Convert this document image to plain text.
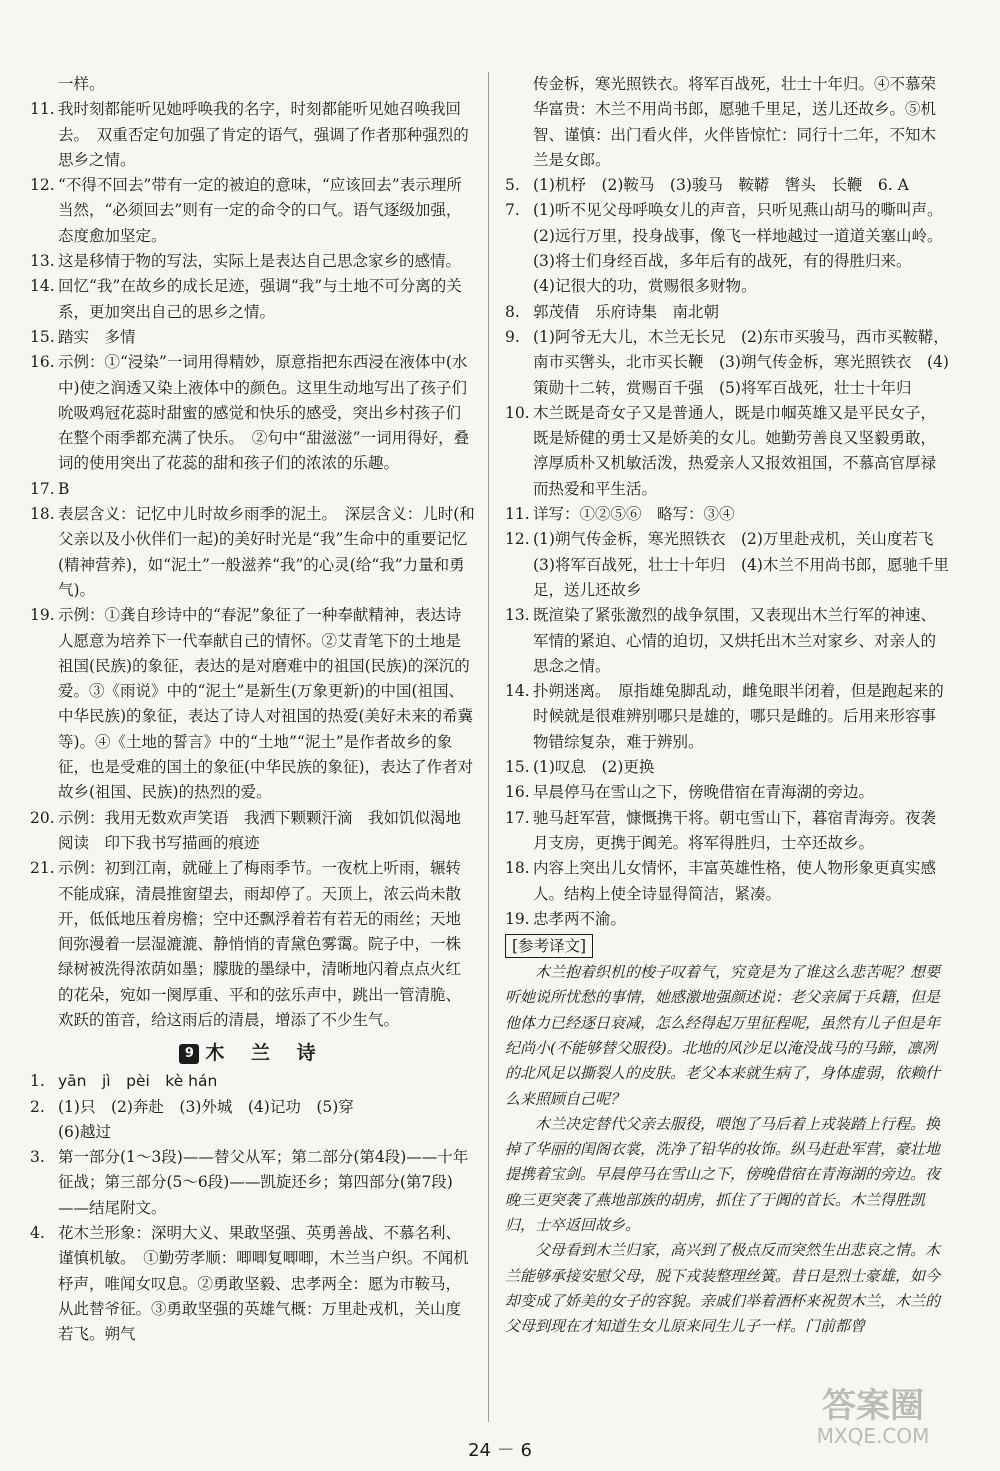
一样。
11. 我时刻都能听见她呼唤我的名字，时刻都能听见她召唤我回去。　双重否定句加强了肯定的语气，强调了作者那种强烈的思乡之情。
12. “不得不回去”带有一定的被迫的意味，“应该回去”表示理所当然，“必须回去”则有一定的命令的口气。语气逐级加强，态度愈加坚定。
13. 这是移情于物的写法，实际上是表达自己思念家乡的感情。
14. 回忆“我”在故乡的成长足迹，强调“我”与土地不可分离的关系，更加突出自己的思乡之情。
15. 踏实　多情
16. 示例：①“浸染”一词用得精妙，原意指把东西浸在液体中(水中)使之润透又染上液体中的颜色。这里生动地写出了孩子们吮吸鸡冠花蕊时甜蜜的感觉和快乐的感受，突出乡村孩子们在整个雨季都充满了快乐。　②句中“甜滋滋”一词用得好，叠词的使用突出了花蕊的甜和孩子们的浓浓的乐趣。
17. B
18. 表层含义：记忆中儿时故乡雨季的泥土。　深层含义：儿时(和父亲以及小伙伴们一起)的美好时光是“我”生命中的重要记忆(精神营养)，如“泥土”一般滋养“我”的心灵(给“我”力量和勇气)。
19. 示例：①龚自珍诗中的“春泥”象征了一种奉献精神，表达诗人愿意为培养下一代奉献自己的情怀。②艾青笔下的土地是祖国(民族)的象征，表达的是对磨难中的祖国(民族)的深沉的爱。③《雨说》中的“泥土”是新生(万象更新)的中国(祖国、中华民族)的象征，表达了诗人对祖国的热爱(美好未来的希冀等)。④《土地的誓言》中的“土地”“泥土”是作者故乡的象征，也是受难的国土的象征(中华民族的象征)，表达了作者对故乡(祖国、民族)的热烈的爱。
20. 示例：我用无数欢声笑语　我洒下颗颗汗滴　我如饥似渴地阅读　印下我书写描画的痕迹
21. 示例：初到江南，就碰上了梅雨季节。一夜枕上听雨，辗转不能成寐，清晨推窗望去，雨却停了。天顶上，浓云尚未散开，低低地压着房檐；空中还飘浮着若有若无的雨丝；天地间弥漫着一层湿漉漉、静悄悄的青黛色雾霭。院子中，一株绿树被洗得浓荫如墨；朦胧的墨绿中，清晰地闪着点点火红的花朵，宛如一阕厚重、平和的弦乐声中，跳出一管清脆、欢跃的笛音，给这雨后的清晨，增添了不少生气。
9 木 兰 诗
1. yān　jì　pèi　kè hán
2. (1)只　(2)奔赴　(3)外城　(4)记功　(5)穿
(6)越过
3. 第一部分(1～3段)——替父从军；第二部分(第4段)——十年征战；第三部分(5～6段)——凯旋还乡；第四部分(第7段)——结尾附文。
4. 花木兰形象：深明大义、果敢坚强、英勇善战、不慕名利、谨慎机敏。　①勤劳孝顺：唧唧复唧唧，木兰当户织。不闻机杼声，唯闻女叹息。②勇敢坚毅、忠孝两全：愿为市鞍马，从此替爷征。③勇敢坚强的英雄气概：万里赴戎机，关山度若飞。朔气
传金柝，寒光照铁衣。将军百战死，壮士十年归。④不慕荣华富贵：木兰不用尚书郎，愿驰千里足，送儿还故乡。⑤机智、谨慎：出门看火伴，火伴皆惊忙：同行十二年，不知木兰是女郎。
5. (1)机杼　(2)鞍马　(3)骏马　鞍鞯　辔头　长鞭　6. A
7. (1)听不见父母呼唤女儿的声音，只听见燕山胡马的嘶叫声。
(2)远行万里，投身战事，像飞一样地越过一道道关塞山岭。
(3)将士们身经百战，多年后有的战死，有的得胜归来。
(4)记很大的功，赏赐很多财物。
8. 郭茂倩　乐府诗集　南北朝
9. (1)阿爷无大儿，木兰无长兄　(2)东市买骏马，西市买鞍鞯，南市买辔头，北市买长鞭　(3)朔气传金柝，寒光照铁衣　(4)策勋十二转，赏赐百千强　(5)将军百战死，壮士十年归
10. 木兰既是奇女子又是普通人，既是巾帼英雄又是平民女子，既是矫健的勇士又是娇美的女儿。她勤劳善良又坚毅勇敢，淳厚质朴又机敏活泼，热爱亲人又报效祖国，不慕高官厚禄而热爱和平生活。
11. 详写：①②⑤⑥　略写：③④
12. (1)朔气传金柝，寒光照铁衣　(2)万里赴戎机，关山度若飞　(3)将军百战死，壮士十年归　(4)木兰不用尚书郎，愿驰千里足，送儿还故乡
13. 既渲染了紧张激烈的战争氛围，又表现出木兰行军的神速、军情的紧迫、心情的迫切，又烘托出木兰对家乡、对亲人的思念之情。
14. 扑朔迷离。　原指雄兔脚乱动，雌兔眼半闭着，但是跑起来的时候就是很难辨别哪只是雄的，哪只是雌的。后用来形容事物错综复杂，难于辨别。
15. (1)叹息　(2)更换
16. 早晨停马在雪山之下，傍晚借宿在青海湖的旁边。
17. 驰马赶军营，慷慨携干将。朝屯雪山下，暮宿青海旁。夜袭月支房，更携于阗羌。将军得胜归，士卒还故乡。
18. 内容上突出儿女情怀，丰富英雄性格，使人物形象更真实感人。结构上使全诗显得简洁，紧凑。
19. 忠孝两不渝。
[参考译文]

木兰抱着织机的梭子叹着气，究竟是为了谁这么悲苦呢？想要听她说所忧愁的事情，她感激地强颜述说：老父亲属于兵籍，但是他体力已经逐日衰减，怎么经得起万里征程呢，虽然有儿子但是年纪尚小(不能够替父服役)。北地的风沙足以淹没战马的马蹄，凛冽的北风足以撕裂人的皮肤。老父本来就生病了，身体虚弱，依赖什么来照顾自己呢？

木兰决定替代父亲去服役，喂饱了马后着上戎装踏上行程。换掉了华丽的闺阁衣裳，洗净了铅华的妆饰。纵马赶赴军营，豪壮地提携着宝剑。早晨停马在雪山之下，傍晚借宿在青海湖的旁边。夜晚三更突袭了燕地部族的胡虏，抓住了于阗的首长。木兰得胜凯归，士卒返回故乡。

父母看到木兰归家，高兴到了极点反而突然生出悲哀之情。木兰能够承接安慰父母，脱下戎装整理丝簧。昔日是烈士豪雄，如今却变成了娇美的女子的容貌。亲戚们举着酒杯来祝贺木兰，木兰的父母到现在才知道生女儿原来同生儿子一样。门前都曾

24 － 6
答案圈
MXQE.COM
